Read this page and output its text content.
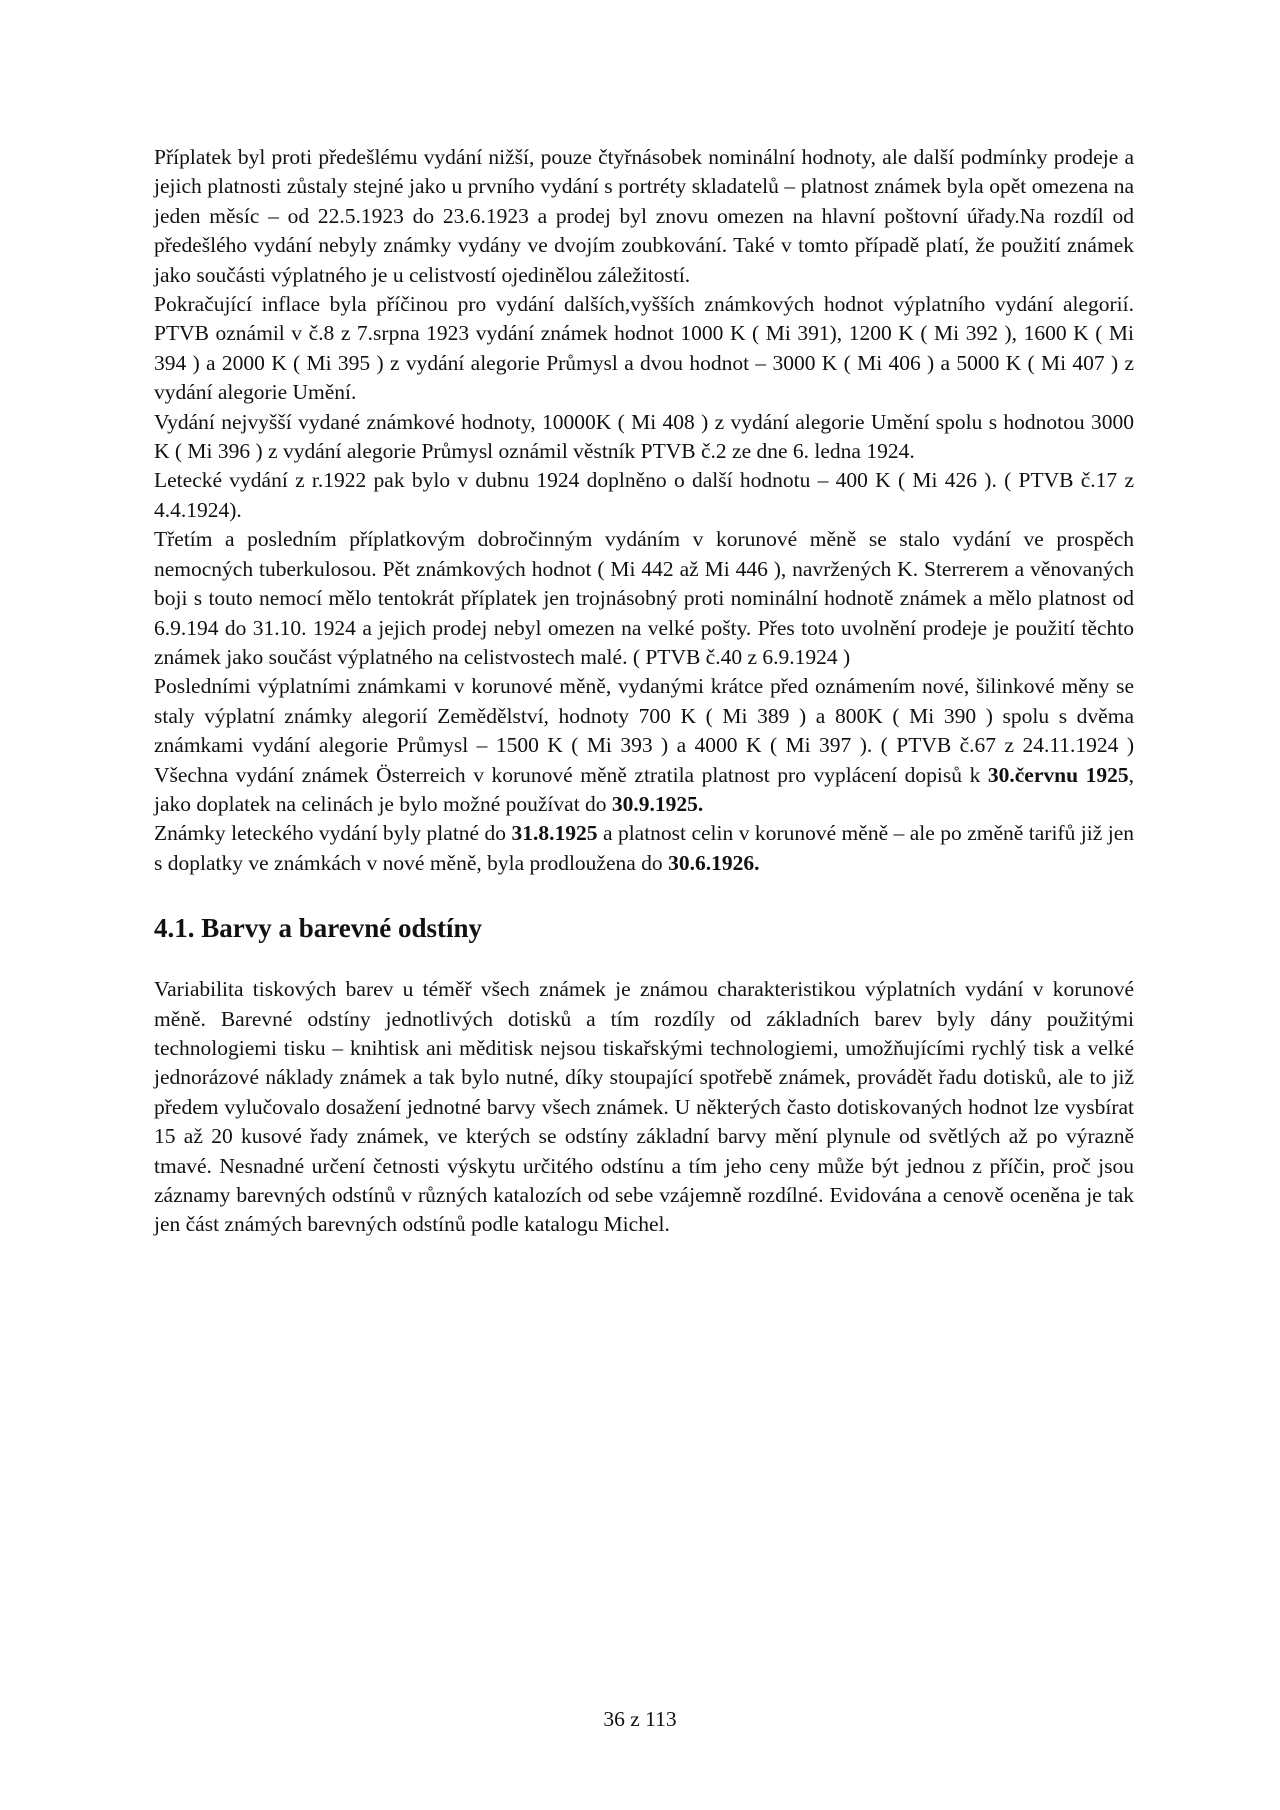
Příplatek byl proti předešlému vydání nižší, pouze čtyřnásobek nominální hodnoty, ale další podmínky prodeje a jejich platnosti zůstaly stejné jako u prvního vydání s portréty skladatelů – platnost známek byla opět omezena na jeden měsíc – od 22.5.1923 do 23.6.1923 a prodej byl znovu omezen na hlavní poštovní úřady.Na rozdíl od předešlého vydání nebyly známky vydány ve dvojím zoubkování. Také v tomto případě platí, že použití známek jako součásti výplatného je u celistvostí ojedinělou záležitostí.

Pokračující inflace byla příčinou pro vydání dalších,vyšších známkových hodnot výplatního vydání alegorií. PTVB oznámil v č.8 z 7.srpna 1923 vydání známek hodnot 1000 K ( Mi 391), 1200 K ( Mi 392 ), 1600 K ( Mi 394 ) a 2000 K ( Mi 395 ) z vydání alegorie Průmysl a dvou hodnot – 3000 K ( Mi 406 ) a 5000 K ( Mi 407 ) z vydání alegorie Umění.

Vydání nejvyšší vydané známkové hodnoty, 10000K ( Mi 408 ) z vydání alegorie Umění spolu s hodnotou 3000 K ( Mi 396 ) z vydání alegorie Průmysl oznámil věstník PTVB č.2 ze dne 6. ledna 1924.

Letecké vydání z r.1922 pak bylo v dubnu 1924 doplněno o další hodnotu – 400 K ( Mi 426 ). ( PTVB č.17 z 4.4.1924).

Třetím a posledním příplatkovým dobročinným vydáním v korunové měně se stalo vydání ve prospěch nemocných tuberkulosou. Pět známkových hodnot ( Mi 442 až Mi 446 ), navržených K. Sterrerem a věnovaných boji s touto nemocí mělo tentokrát příplatek jen trojnásobný proti nominální hodnotě známek a mělo platnost od 6.9.194 do 31.10. 1924 a jejich prodej nebyl omezen na velké pošty. Přes toto uvolnění prodeje je použití těchto známek jako součást výplatného na celistvostech malé. ( PTVB č.40 z 6.9.1924 )

Posledními výplatními známkami v korunové měně, vydanými krátce před oznámením nové, šilinkové měny se staly výplatní známky alegorií Zemědělství, hodnoty 700 K ( Mi 389 ) a 800K ( Mi 390 ) spolu s dvěma známkami vydání alegorie Průmysl – 1500 K ( Mi 393 ) a 4000 K ( Mi 397 ). ( PTVB č.67 z 24.11.1924 ) Všechna vydání známek Österreich v korunové měně ztratila platnost pro vyplácení dopisů k 30.červnu 1925, jako doplatek na celinách je bylo možné používat do 30.9.1925.

Známky leteckého vydání byly platné do 31.8.1925 a platnost celin v korunové měně – ale po změně tarifů již jen s doplatky ve známkách v nové měně, byla prodloužena do 30.6.1926.

4.1. Barvy a barevné odstíny

Variabilita tiskových barev u téměř všech známek je známou charakteristikou výplatních vydání v korunové měně. Barevné odstíny jednotlivých dotisků a tím rozdíly od základních barev byly dány použitými technologiemi tisku – knihtisk ani měditisk nejsou tiskařskými technologiemi, umožňujícími rychlý tisk a velké jednorázové náklady známek a tak bylo nutné, díky stoupající spotřebě známek, provádět řadu dotisků, ale to již předem vylučovalo dosažení jednotné barvy všech známek. U některých často dotiskovaných hodnot lze vysbírat 15 až 20 kusové řady známek, ve kterých se odstíny základní barvy mění plynule od světlých až po výrazně tmavé. Nesnadné určení četnosti výskytu určitého odstínu a tím jeho ceny může být jednou z příčin, proč jsou záznamy barevných odstínů v různých katalozích od sebe vzájemně rozdílné. Evidována a cenově oceněna je tak jen část známých barevných odstínů podle katalogu Michel.

36 z 113
